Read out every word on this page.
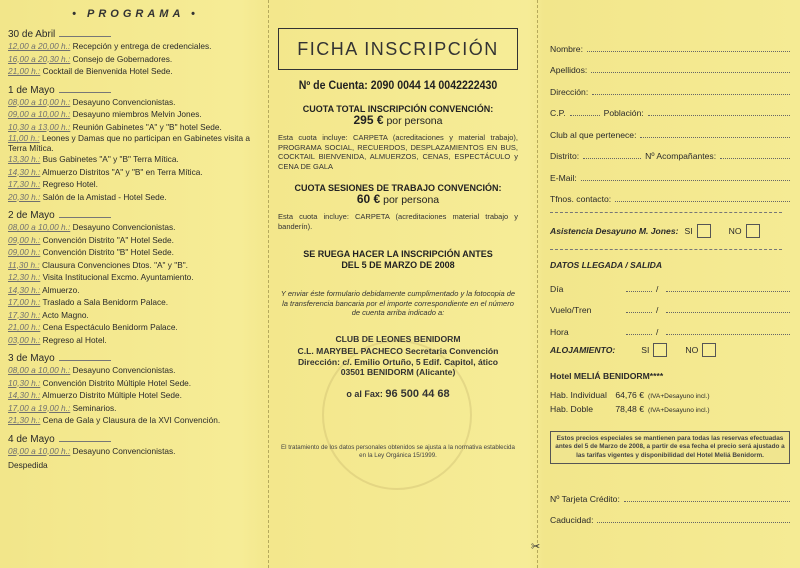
• PROGRAMA •
30 de Abril
12,00 a 20,00 h.: Recepción y entrega de credenciales.
16,00 a 20,30 h.: Consejo de Gobernadores.
21,00 h.: Cocktail de Bienvenida Hotel Sede.
1 de Mayo
08,00 a 10,00 h.: Desayuno Convencionistas.
09,00 a 10,00 h.: Desayuno miembros Melvin Jones.
10,30 a 13,00 h.: Reunión Gabinetes "A" y "B" hotel Sede.
11,00 h.: Leones y Damas que no participan en Gabinetes visita a Terra Mítica.
13,30 h.: Bus Gabinetes "A" y "B" Terra Mítica.
14,30 h.: Almuerzo Distritos "A" y "B" en Terra Mítica.
17,30 h.: Regreso Hotel.
20,30 h.: Salón de la Amistad - Hotel Sede.
2 de Mayo
08,00 a 10,00 h.: Desayuno Convencionistas.
09,00 h.: Convención Distrito "A" Hotel Sede.
09,00 h.: Convención Distrito "B" Hotel Sede.
11,30 h.: Clausura Convenciones Dtos. "A" y "B".
12,30 h.: Visita Institucional Excmo. Ayuntamiento.
14,30 h.: Almuerzo.
17,00 h.: Traslado a Sala Benidorm Palace.
17,30 h.: Acto Magno.
21,00 h.: Cena Espectáculo Benidorm Palace.
03,00 h.: Regreso al Hotel.
3 de Mayo
08,00 a 10,00 h.: Desayuno Convencionistas.
10,30 h.: Convención Distrito Múltiple Hotel Sede.
14,30 h.: Almuerzo Distrito Múltiple Hotel Sede.
17,00 a 19,00 h.: Seminarios.
21,30 h.: Cena de Gala y Clausura de la XVI Convención.
4 de Mayo
08,00 a 10,00 h.: Desayuno Convencionistas.
Despedida
FICHA INSCRIPCIÓN
Nº de Cuenta: 2090 0044 14 0042222430
CUOTA TOTAL INSCRIPCIÓN CONVENCIÓN:
295 € por persona
Esta cuota incluye: CARPETA (acreditaciones y material trabajo), PROGRAMA SOCIAL, RECUERDOS, DESPLAZAMIENTOS EN BUS, COCKTAIL BIENVENIDA, ALMUERZOS, CENAS, ESPECTÁCULO y CENA DE GALA
CUOTA SESIONES DE TRABAJO CONVENCIÓN:
60 € por persona
Esta cuota incluye: CARPETA (acreditaciones material trabajo y banderín).
SE RUEGA HACER LA INSCRIPCIÓN ANTES
DEL 5 DE MARZO DE 2008
Y enviar éste formulario debidamente cumplimentado y la fotocopia de la transferencia bancaria por el importe correspondiente en el número de cuenta arriba indicado a:
CLUB DE LEONES BENIDORM
C.L. MARYBEL PACHECO Secretaria Convención
Dirección: c/. Emilio Ortuño, 5 Edif. Capitol, ático
03501 BENIDORM (Alicante)
o al Fax: 96 500 44 68
El tratamiento de los datos personales obtenidos se ajusta a la normativa establecida en la Ley Orgánica 15/1999.
Nombre:
Apellidos:
Dirección:
C.P.	Población:
Club al que pertenece:
Distrito:	Nº Acompañantes:
E-Mail:
Tfnos. contacto:
Asistencia Desayuno M. Jones: SI	NO
DATOS LLEGADA / SALIDA
Día	/
Vuelo/Tren	/
Hora	/
ALOJAMIENTO:	SI	NO
Hotel MELIÁ BENIDORM****
Hab. Individual 64,76 € (IVA+Desayuno incl.)
Hab. Doble	78,48 € (IVA+Desayuno incl.)
Estos precios especiales se mantienen para todas las reservas efectuadas antes del 5 de Marzo de 2008, a partir de esa fecha el precio será ajustado a las tarifas vigentes y disponibilidad del Hotel Meliá Benidorm.
Nº Tarjeta Crédito:
Caducidad:
✂
